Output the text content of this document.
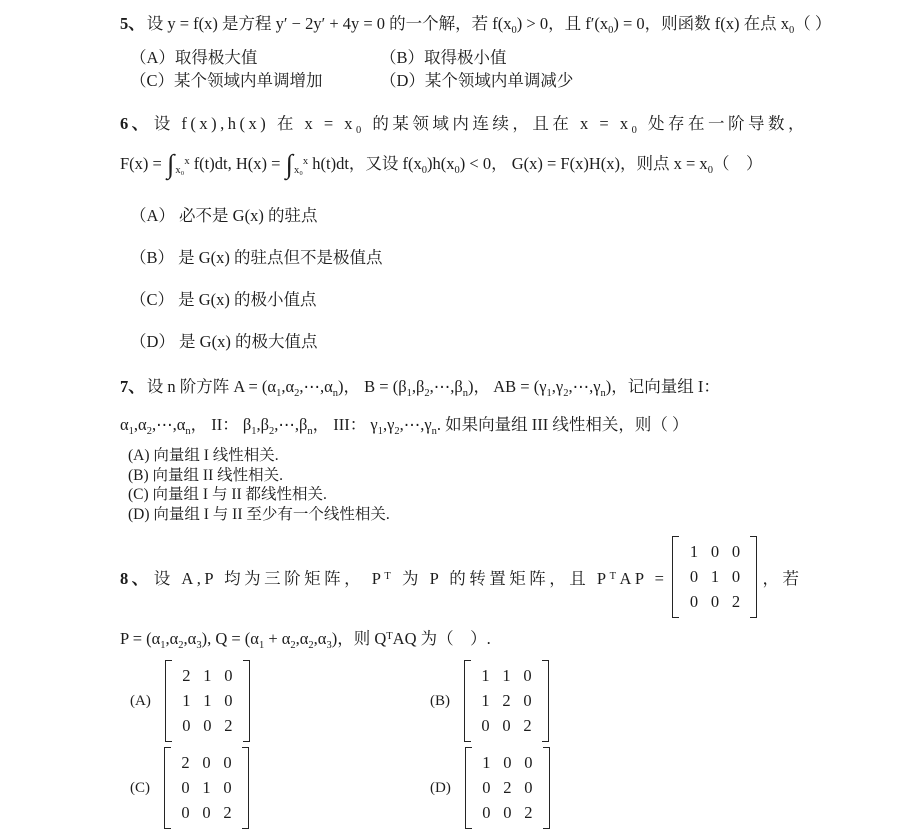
5、 设 y = f(x) 是方程 y′ − 2y′ + 4y = 0 的一个解，若 $f(x_0) > 0$，且 $f'(x_0) = 0$，则函数 f(x) 在点 $x_0$（ ）

（A）取得极大值	（B）取得极小值
（C）某个领域内单调增加	（D）某个领域内单调减少

6、 设 f(x),h(x) 在 $x = x_0$ 的某领域内连续，且在 $x = x_0$ 处存在一阶导数，

$F(x) = \int_{x_0}^x$ f(t)dt, $H(x) = \int_{x_0}^x$ h(t)dt，又设 $f(x_0)h(x_0) < 0$， G(x) = F(x)H(x)，则点 $x = x_0$（　）

（A） 必不是 G(x) 的驻点

（B） 是 G(x) 的驻点但不是极值点

（C） 是 G(x) 的极小值点

（D） 是 G(x) 的极大值点

7、 设 n 阶方阵 $A = (\alpha_1,\alpha_2,\cdots,\alpha_n)$， $B = (\beta_1,\beta_2,\cdots,\beta_n)$， AB = $(\gamma_1,\gamma_2,\cdots,\gamma_n)$，记向量组 I：

$\alpha_1,\alpha_2,\cdots,\alpha_n$， II： $\beta_1,\beta_2,\cdots,\beta_n$， III： $\gamma_1,\gamma_2,\cdots,\gamma_n$. 如果向量组 III 线性相关，则（ ）

(A) 向量组 I 线性相关.

(B) 向量组 II 线性相关.

(C) 向量组 I 与 II 都线性相关.

(D) 向量组 I 与 II 至少有一个线性相关.

8、 设 A,P 均为三阶矩阵， $P^T$ 为 P 的转置矩阵，且 $P^TAP$ =
1 0 0
0 1 0
0 0 2
，若

$P = (\alpha_1,\alpha_2,\alpha_3)$, $Q = (\alpha_1 + \alpha_2,\alpha_2,\alpha_3)$，则 $Q^TAQ$ 为（　）.

(A)
2 1 0
1 1 0
0 0 2
(B)
1 1 0
1 2 0
0 0 2
(C)
2 0 0
0 1 0
0 0 2
(D)
1 0 0
0 2 0
0 0 2
